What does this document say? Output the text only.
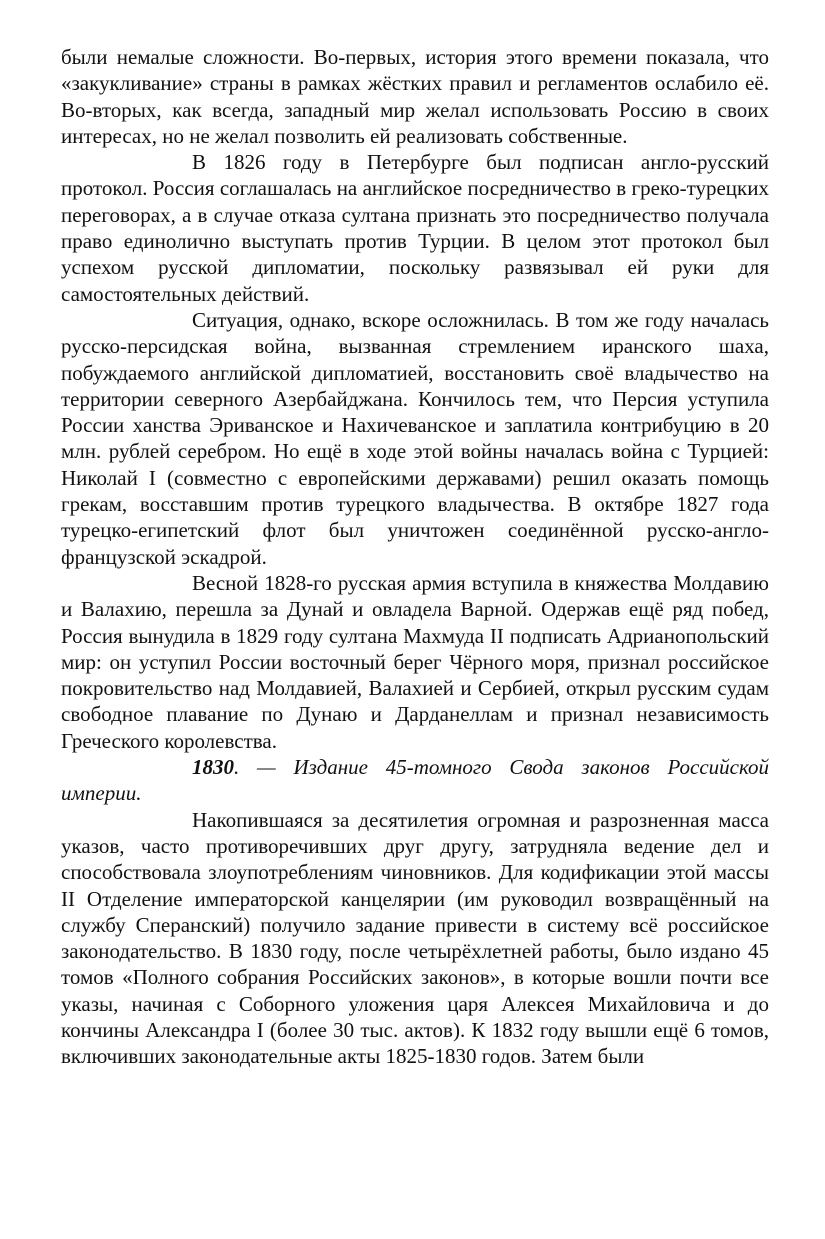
были немалые сложности. Во-первых, история этого времени показала, что «закукливание» страны в рамках жёстких правил и регламентов ослабило её. Во-вторых, как всегда, западный мир желал использовать Россию в своих интересах, но не желал позволить ей реализовать собственные.

В 1826 году в Петербурге был подписан англо-русский протокол. Россия соглашалась на английское посредничество в греко-турецких переговорах, а в случае отказа султана признать это посредничество получала право единолично выступать против Турции. В целом этот протокол был успехом русской дипломатии, поскольку развязывал ей руки для самостоятельных действий.

Ситуация, однако, вскоре осложнилась. В том же году началась русско-персидская война, вызванная стремлением иранского шаха, побуждаемого английской дипломатией, восстановить своё владычество на территории северного Азербайджана. Кончилось тем, что Персия уступила России ханства Эриванское и Нахичеванское и заплатила контрибуцию в 20 млн. рублей серебром. Но ещё в ходе этой войны началась война с Турцией: Николай I (совместно с европейскими державами) решил оказать помощь грекам, восставшим против турецкого владычества. В октябре 1827 года турецко-египетский флот был уничтожен соединённой русско-англо-французской эскадрой.

Весной 1828-го русская армия вступила в княжества Молдавию и Валахию, перешла за Дунай и овладела Варной. Одержав ещё ряд побед, Россия вынудила в 1829 году султана Махмуда II подписать Адрианопольский мир: он уступил России восточный берег Чёрного моря, признал российское покровительство над Молдавией, Валахией и Сербией, открыл русским судам свободное плавание по Дунаю и Дарданеллам и признал независимость Греческого королевства.

1830. — Издание 45-томного Свода законов Российской империи.

Накопившаяся за десятилетия огромная и разрозненная масса указов, часто противоречивших друг другу, затрудняла ведение дел и способствовала злоупотреблениям чиновников. Для кодификации этой массы II Отделение императорской канцелярии (им руководил возвращённый на службу Сперанский) получило задание привести в систему всё российское законодательство. В 1830 году, после четырёхлетней работы, было издано 45 томов «Полного собрания Российских законов», в которые вошли почти все указы, начиная с Соборного уложения царя Алексея Михайловича и до кончины Александра I (более 30 тыс. актов). К 1832 году вышли ещё 6 томов, включивших законодательные акты 1825-1830 годов. Затем были
